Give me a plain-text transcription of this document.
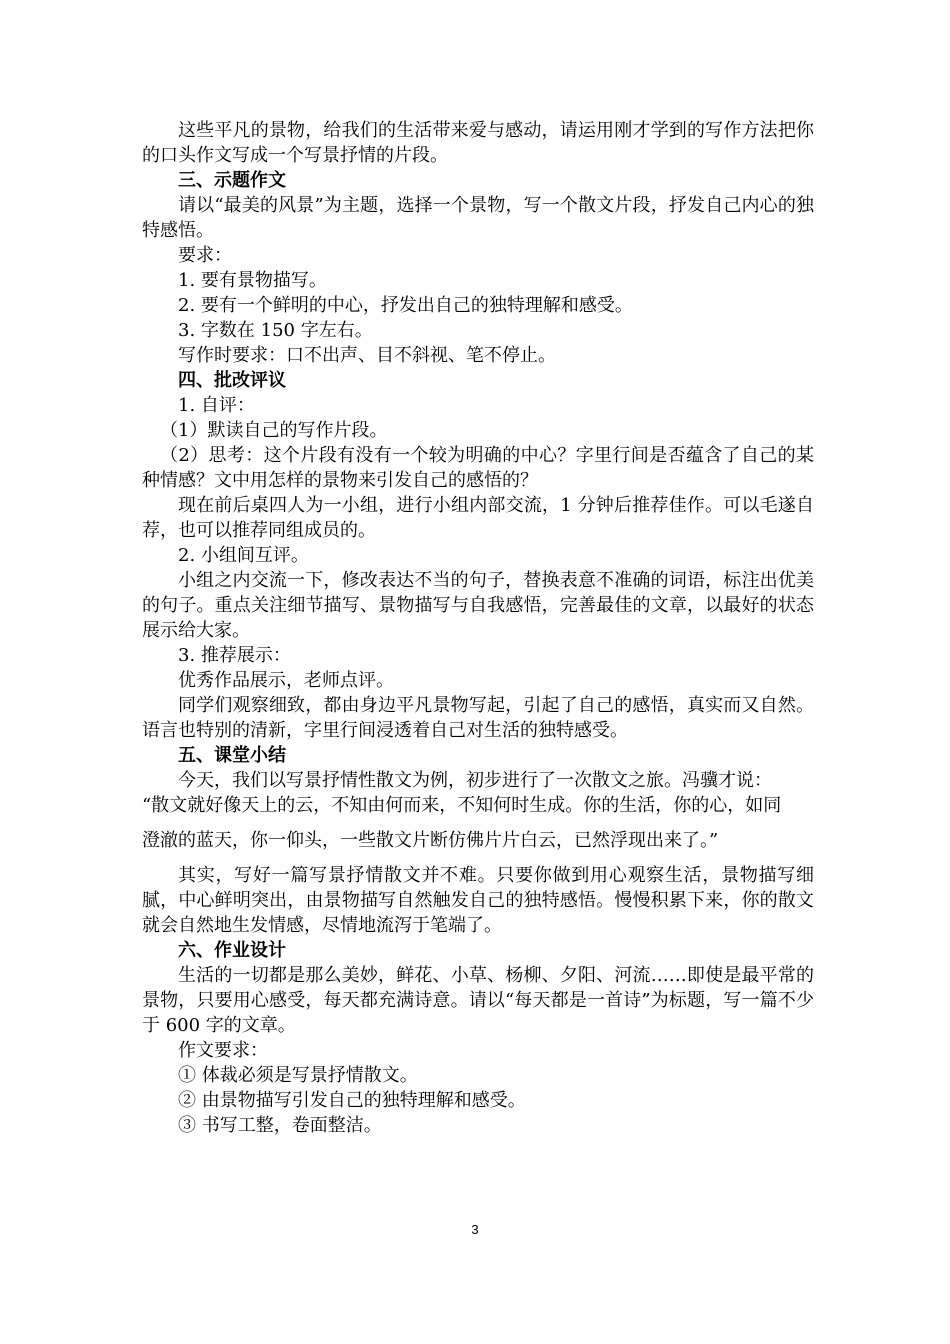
这些平凡的景物，给我们的生活带来爱与感动，请运用刚才学到的写作方法把你的口头作文写成一个写景抒情的片段。

三、示题作文

请以“最美的风景”为主题，选择一个景物，写一个散文片段，抒发自己内心的独特感悟。

要求：

1. 要有景物描写。

2. 要有一个鲜明的中心，抒发出自己的独特理解和感受。

3. 字数在 150 字左右。

写作时要求：口不出声、目不斜视、笔不停止。

四、批改评议

1. 自评：

（1）默读自己的写作片段。

（2）思考：这个片段有没有一个较为明确的中心？字里行间是否蕴含了自己的某种情感？文中用怎样的景物来引发自己的感悟的？

现在前后桌四人为一小组，进行小组内部交流，1 分钟后推荐佳作。可以毛遂自荐，也可以推荐同组成员的。

2. 小组间互评。

小组之内交流一下，修改表达不当的句子，替换表意不准确的词语，标注出优美的句子。重点关注细节描写、景物描写与自我感悟，完善最佳的文章，以最好的状态展示给大家。

3. 推荐展示：

优秀作品展示，老师点评。

同学们观察细致，都由身边平凡景物写起，引起了自己的感悟，真实而又自然。语言也特别的清新，字里行间浸透着自己对生活的独特感受。

五、课堂小结

今天，我们以写景抒情性散文为例，初步进行了一次散文之旅。冯骥才说：

“散文就好像天上的云，不知由何而来，不知何时生成。你的生活，你的心，如同

澄澈的蓝天，你一仰头，一些散文片断仿佛片片白云，已然浮现出来了。”

其实，写好一篇写景抒情散文并不难。只要你做到用心观察生活，景物描写细腻，中心鲜明突出，由景物描写自然触发自己的独特感悟。慢慢积累下来，你的散文就会自然地生发情感，尽情地流泻于笔端了。

六、作业设计

生活的一切都是那么美妙，鲜花、小草、杨柳、夕阳、河流……即使是最平常的景物，只要用心感受，每天都充满诗意。请以“每天都是一首诗”为标题，写一篇不少于 600 字的文章。

作文要求：

① 体裁必须是写景抒情散文。

② 由景物描写引发自己的独特理解和感受。

③ 书写工整，卷面整洁。

3
